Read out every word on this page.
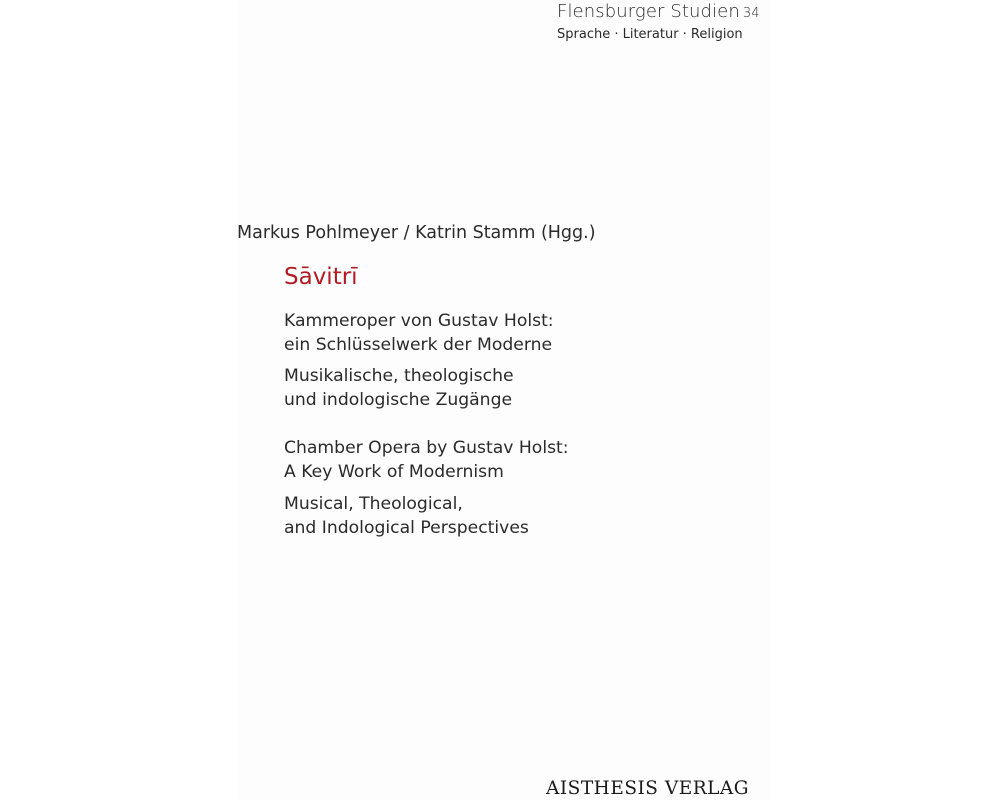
Flensburger Studien 34
Sprache · Literatur · Religion
Markus Pohlmeyer / Katrin Stamm (Hgg.)
Sāvitrī
Kammeroper von Gustav Holst:
ein Schlüsselwerk der Moderne
Musikalische, theologische
und indologische Zugänge
Chamber Opera by Gustav Holst:
A Key Work of Modernism
Musical, Theological,
and Indological Perspectives
AISTHESIS VERLAG
